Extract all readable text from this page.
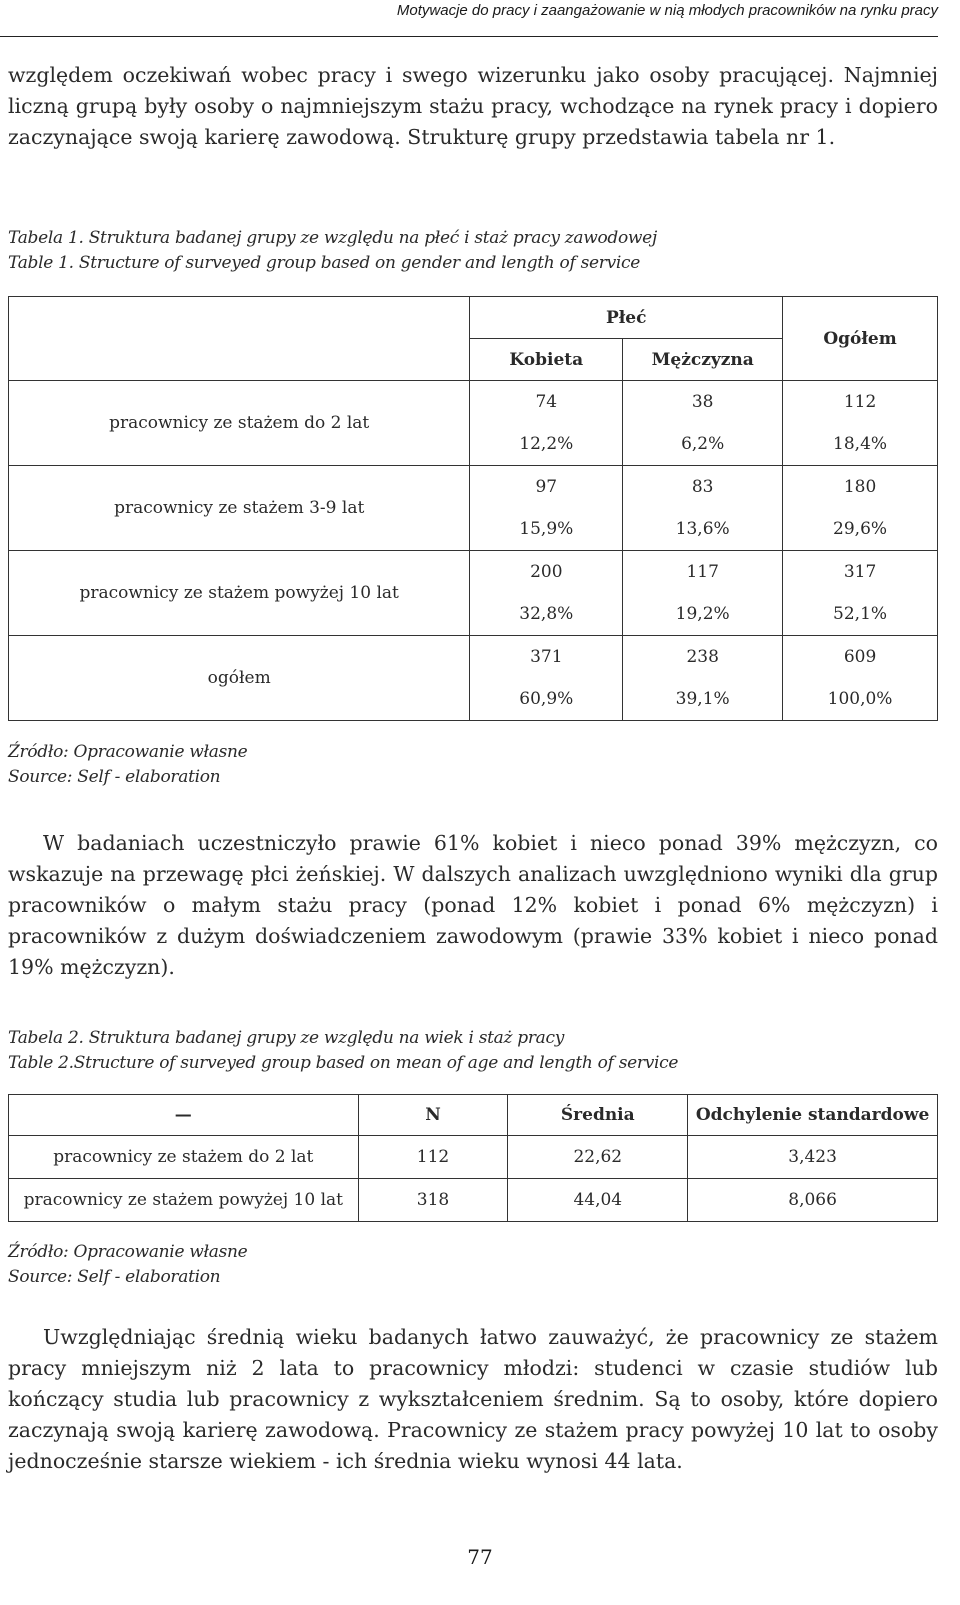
Motywacje do pracy i zaangażowanie w nią młodych pracowników na rynku pracy

względem oczekiwań wobec pracy i swego wizerunku jako osoby pracującej. Najmniej liczną grupą były osoby o najmniejszym stażu pracy, wchodzące na rynek pracy i dopiero zaczynające swoją karierę zawodową. Strukturę grupy przedstawia tabela nr 1.

Tabela 1. Struktura badanej grupy ze względu na płeć i staż pracy zawodowej
Table 1. Structure of surveyed group based on gender and length of service
	Płeć		Ogółem
	Kobieta	Mężczyzna	
pracownicy ze stażem do 2 lat	74	38	112
	12,2%	6,2%	18,4%
pracownicy ze stażem 3-9 lat	97	83	180
	15,9%	13,6%	29,6%
pracownicy ze stażem powyżej 10 lat	200	117	317
	32,8%	19,2%	52,1%
ogółem	371	238	609
	60,9%	39,1%	100,0%
Źródło: Opracowanie własne
Source: Self - elaboration

W badaniach uczestniczyło prawie 61% kobiet i nieco ponad 39% mężczyzn, co wskazuje na przewagę płci żeńskiej. W dalszych analizach uwzględniono wyniki dla grup pracowników o małym stażu pracy (ponad 12% kobiet i ponad 6% mężczyzn) i pracowników z dużym doświadczeniem zawodowym (prawie 33% kobiet i nieco ponad 19% mężczyzn).

Tabela 2. Struktura badanej grupy ze względu na wiek i staż pracy
Table 2.Structure of surveyed group based on mean of age and length of service
—	N	Średnia	Odchylenie standardowe
pracownicy ze stażem do 2 lat	112	22,62	3,423
pracownicy ze stażem powyżej 10 lat	318	44,04	8,066
Źródło: Opracowanie własne
Source: Self - elaboration

Uwzględniając średnią wieku badanych łatwo zauważyć, że pracownicy ze stażem pracy mniejszym niż 2 lata to pracownicy młodzi: studenci w czasie studiów lub kończący studia lub pracownicy z wykształceniem średnim. Są to osoby, które dopiero zaczynają swoją karierę zawodową. Pracownicy ze stażem pracy powyżej 10 lat to osoby jednocześnie starsze wiekiem - ich średnia wieku wynosi 44 lata.

77
